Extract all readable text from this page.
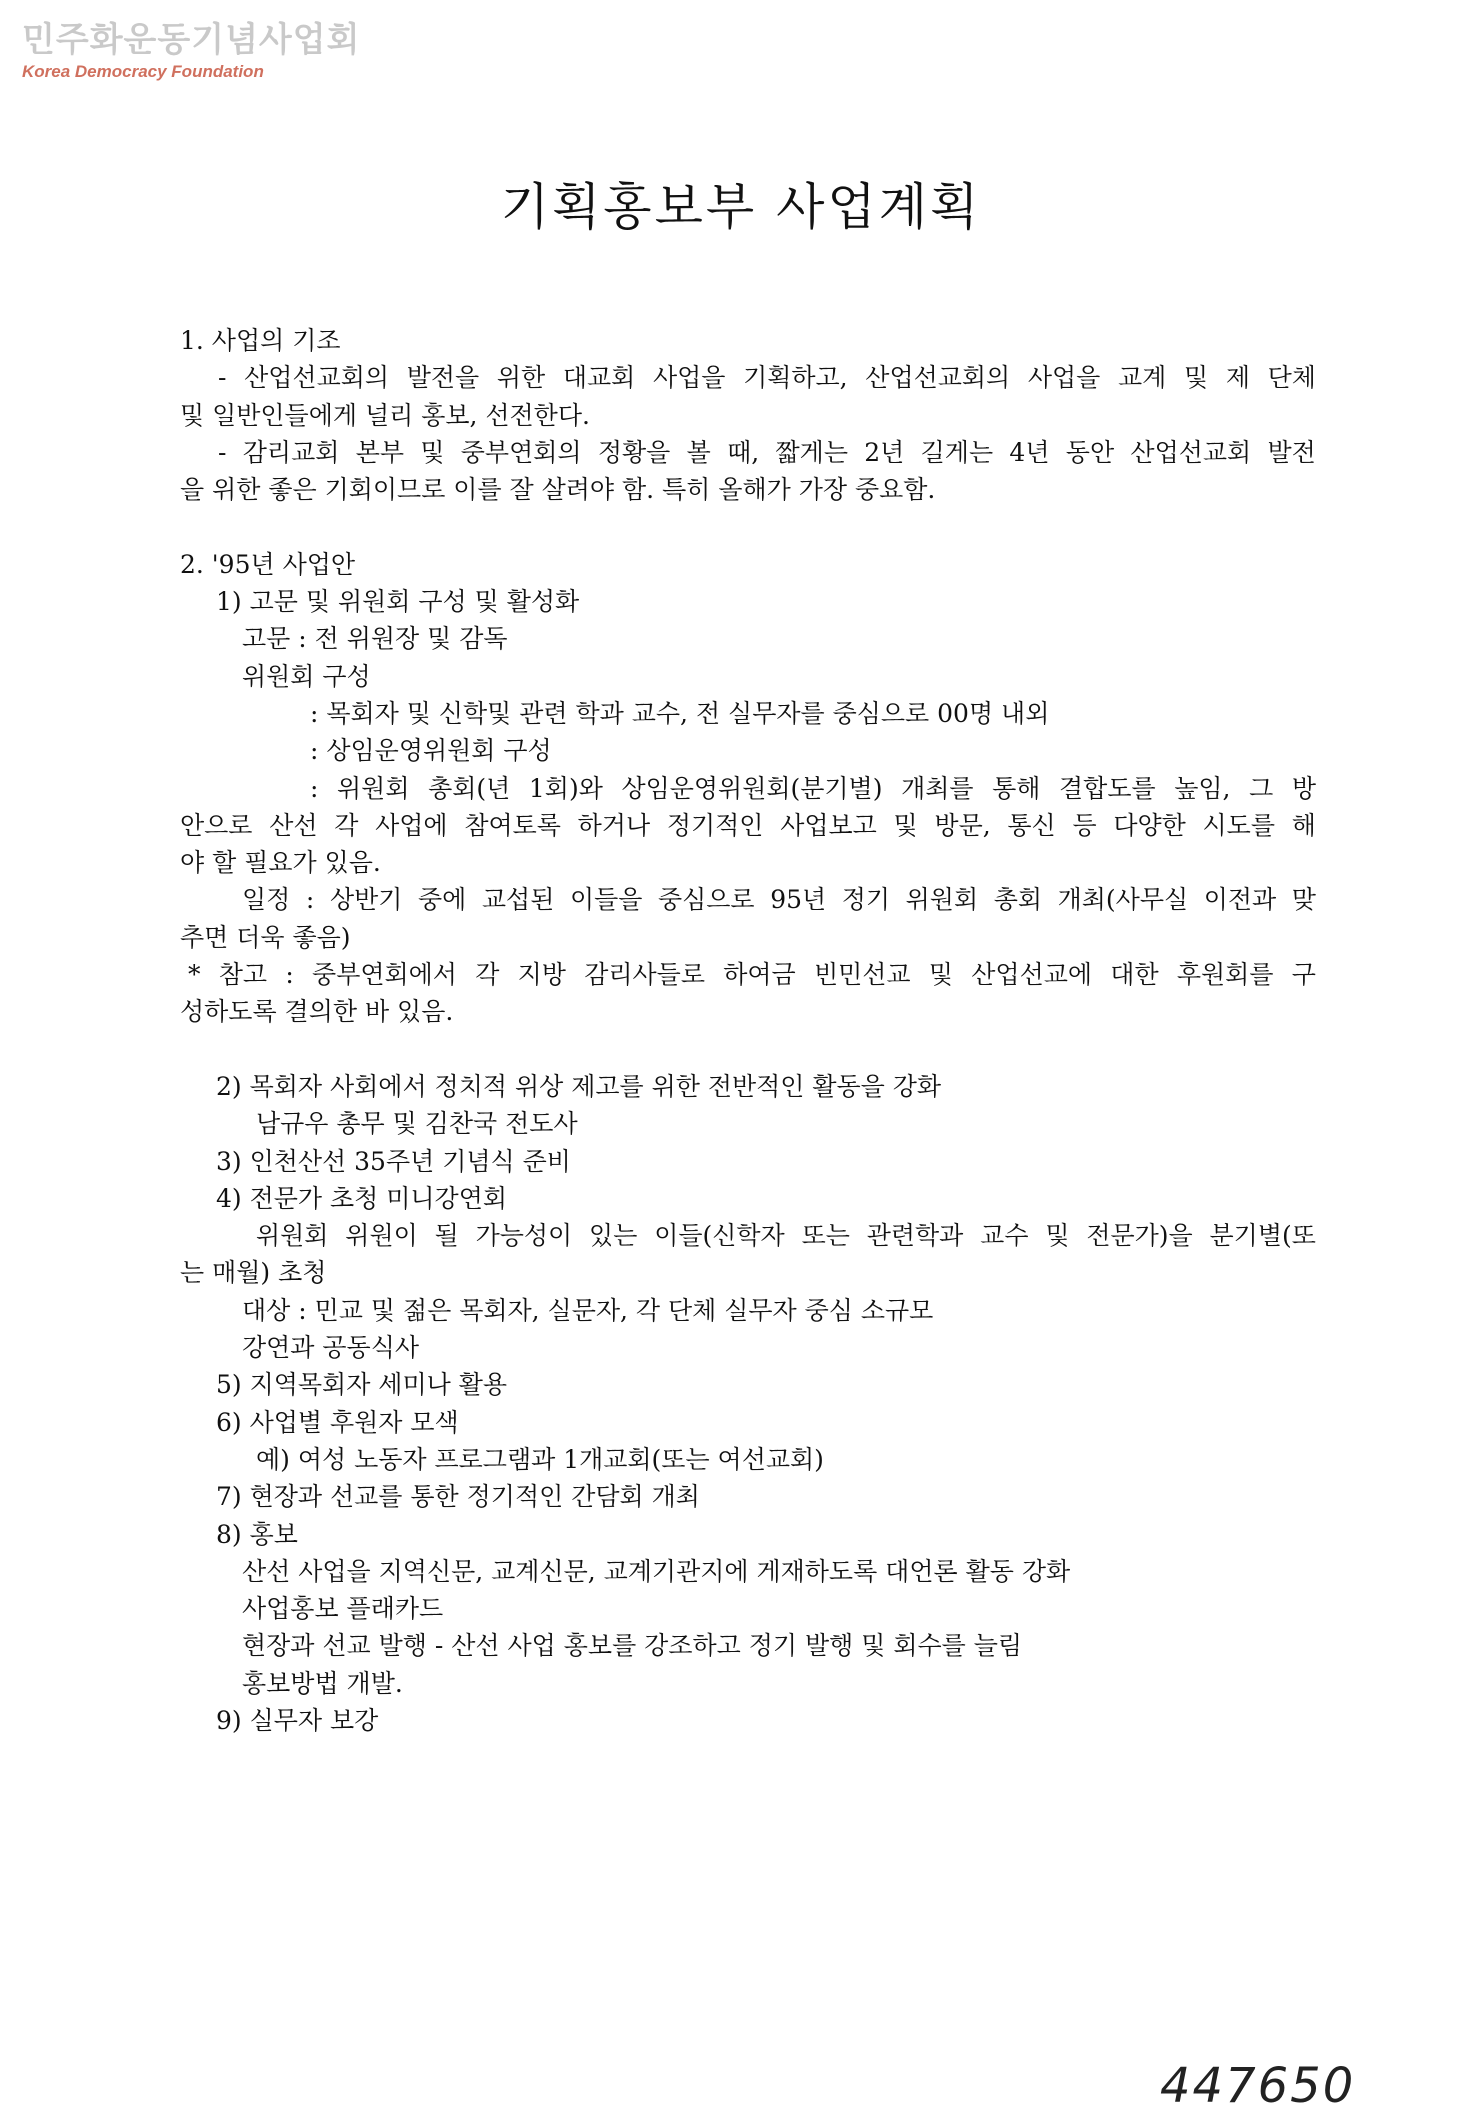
민주화운동기념사업회
Korea Democracy Foundation
기획홍보부 사업계획
1. 사업의 기조
- 산업선교회의 발전을 위한 대교회 사업을 기획하고, 산업선교회의 사업을 교계 및 제 단체
및 일반인들에게 널리 홍보, 선전한다.
- 감리교회 본부 및 중부연회의 정황을 볼 때, 짧게는 2년 길게는 4년 동안 산업선교회 발전
을 위한 좋은 기회이므로 이를 잘 살려야 함. 특히 올해가 가장 중요함.
2. '95년 사업안
1) 고문 및 위원회 구성 및 활성화
고문 : 전 위원장 및 감독
위원회 구성
: 목회자 및 신학및 관련 학과 교수, 전 실무자를 중심으로 00명 내외
: 상임운영위원회 구성
: 위원회 총회(년 1회)와 상임운영위원회(분기별) 개최를 통해 결합도를 높임, 그 방
안으로 산선 각 사업에 참여토록 하거나 정기적인 사업보고 및 방문, 통신 등 다양한 시도를 해
야 할 필요가 있음.
일정 : 상반기 중에 교섭된 이들을 중심으로 95년 정기 위원회 총회 개최(사무실 이전과 맞
추면 더욱 좋음)
* 참고 : 중부연회에서 각 지방 감리사들로 하여금 빈민선교 및 산업선교에 대한 후원회를 구
성하도록 결의한 바 있음.
2) 목회자 사회에서 정치적 위상 제고를 위한 전반적인 활동을 강화
남규우 총무 및 김찬국 전도사
3) 인천산선 35주년 기념식 준비
4) 전문가 초청 미니강연회
위원회 위원이 될 가능성이 있는 이들(신학자 또는 관련학과 교수 및 전문가)을 분기별(또
는 매월) 초청
대상 : 민교 및 젊은 목회자, 실문자, 각 단체 실무자 중심 소규모
강연과 공동식사
5) 지역목회자 세미나 활용
6) 사업별 후원자 모색
예) 여성 노동자 프로그램과 1개교회(또는 여선교회)
7) 현장과 선교를 통한 정기적인 간담회 개최
8) 홍보
산선 사업을 지역신문, 교계신문, 교계기관지에 게재하도록 대언론 활동 강화
사업홍보 플래카드
현장과 선교 발행 - 산선 사업 홍보를 강조하고 정기 발행 및 회수를 늘림
홍보방법 개발.
9) 실무자 보강
447650
